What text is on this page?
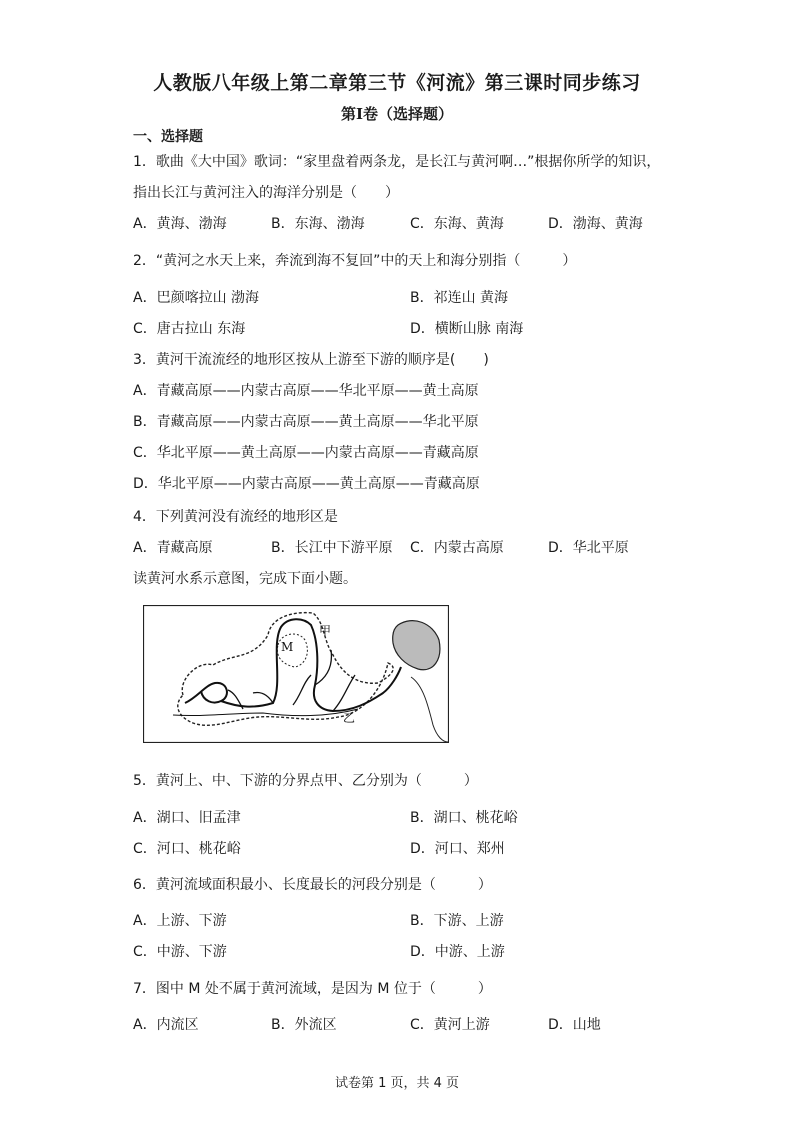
人教版八年级上第二章第三节《河流》第三课时同步练习
第I卷（选择题）
一、选择题
1．歌曲《大中国》歌词：“家里盘着两条龙，是长江与黄河啊…”根据你所学的知识，
指出长江与黄河注入的海洋分别是（　　）
A．黄海、渤海	B．东海、渤海	C．东海、黄海	D．渤海、黄海
2．“黄河之水天上来，奔流到海不复回”中的天上和海分别指（　　　）
A．巴颜喀拉山 渤海	B．祁连山 黄海
C．唐古拉山 东海	D．横断山脉 南海
3．黄河干流流经的地形区按从上游至下游的顺序是(　　)
A．青藏高原——内蒙古高原——华北平原——黄土高原
B．青藏高原——内蒙古高原——黄土高原——华北平原
C．华北平原——黄土高原——内蒙古高原——青藏高原
D．华北平原——内蒙古高原——黄土高原——青藏高原
4．下列黄河没有流经的地形区是
A．青藏高原	B．长江中下游平原 C．内蒙古高原	D．华北平原
读黄河水系示意图，完成下面小题。
M
甲
乙
5．黄河上、中、下游的分界点甲、乙分别为（　　　）
A．湖口、旧孟津	B．湖口、桃花峪
C．河口、桃花峪	D．河口、郑州
6．黄河流域面积最小、长度最长的河段分别是（　　　）
A．上游、下游	B．下游、上游
C．中游、下游	D．中游、上游
7．图中 M 处不属于黄河流域，是因为 M 位于（　　　）
A．内流区	B．外流区	C．黄河上游	D．山地
试卷第 1 页，共 4 页
